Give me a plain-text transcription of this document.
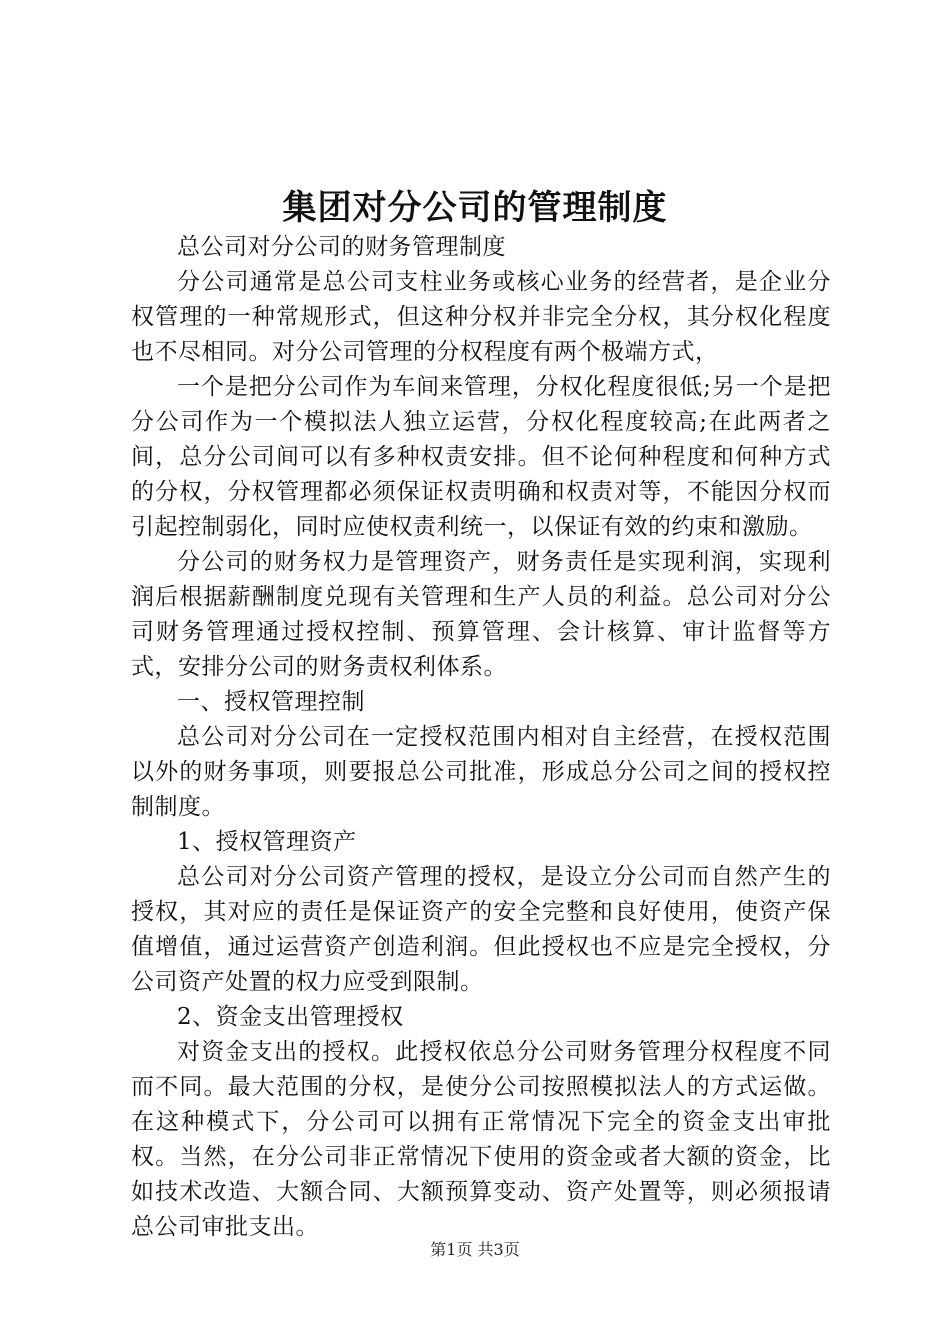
集团对分公司的管理制度

总公司对分公司的财务管理制度

分公司通常是总公司支柱业务或核心业务的经营者，是企业分权管理的一种常规形式，但这种分权并非完全分权，其分权化程度也不尽相同。对分公司管理的分权程度有两个极端方式，

一个是把分公司作为车间来管理，分权化程度很低;另一个是把分公司作为一个模拟法人独立运营，分权化程度较高;在此两者之间，总分公司间可以有多种权责安排。但不论何种程度和何种方式的分权，分权管理都必须保证权责明确和权责对等，不能因分权而引起控制弱化，同时应使权责利统一，以保证有效的约束和激励。

分公司的财务权力是管理资产，财务责任是实现利润，实现利润后根据薪酬制度兑现有关管理和生产人员的利益。总公司对分公司财务管理通过授权控制、预算管理、会计核算、审计监督等方式，安排分公司的财务责权利体系。

一、授权管理控制

总公司对分公司在一定授权范围内相对自主经营，在授权范围以外的财务事项，则要报总公司批准，形成总分公司之间的授权控制制度。

1、授权管理资产

总公司对分公司资产管理的授权，是设立分公司而自然产生的授权，其对应的责任是保证资产的安全完整和良好使用，使资产保值增值，通过运营资产创造利润。但此授权也不应是完全授权，分公司资产处置的权力应受到限制。

2、资金支出管理授权

对资金支出的授权。此授权依总分公司财务管理分权程度不同而不同。最大范围的分权，是使分公司按照模拟法人的方式运做。在这种模式下，分公司可以拥有正常情况下完全的资金支出审批权。当然，在分公司非正常情况下使用的资金或者大额的资金，比如技术改造、大额合同、大额预算变动、资产处置等，则必须报请总公司审批支出。

第1页 共3页
